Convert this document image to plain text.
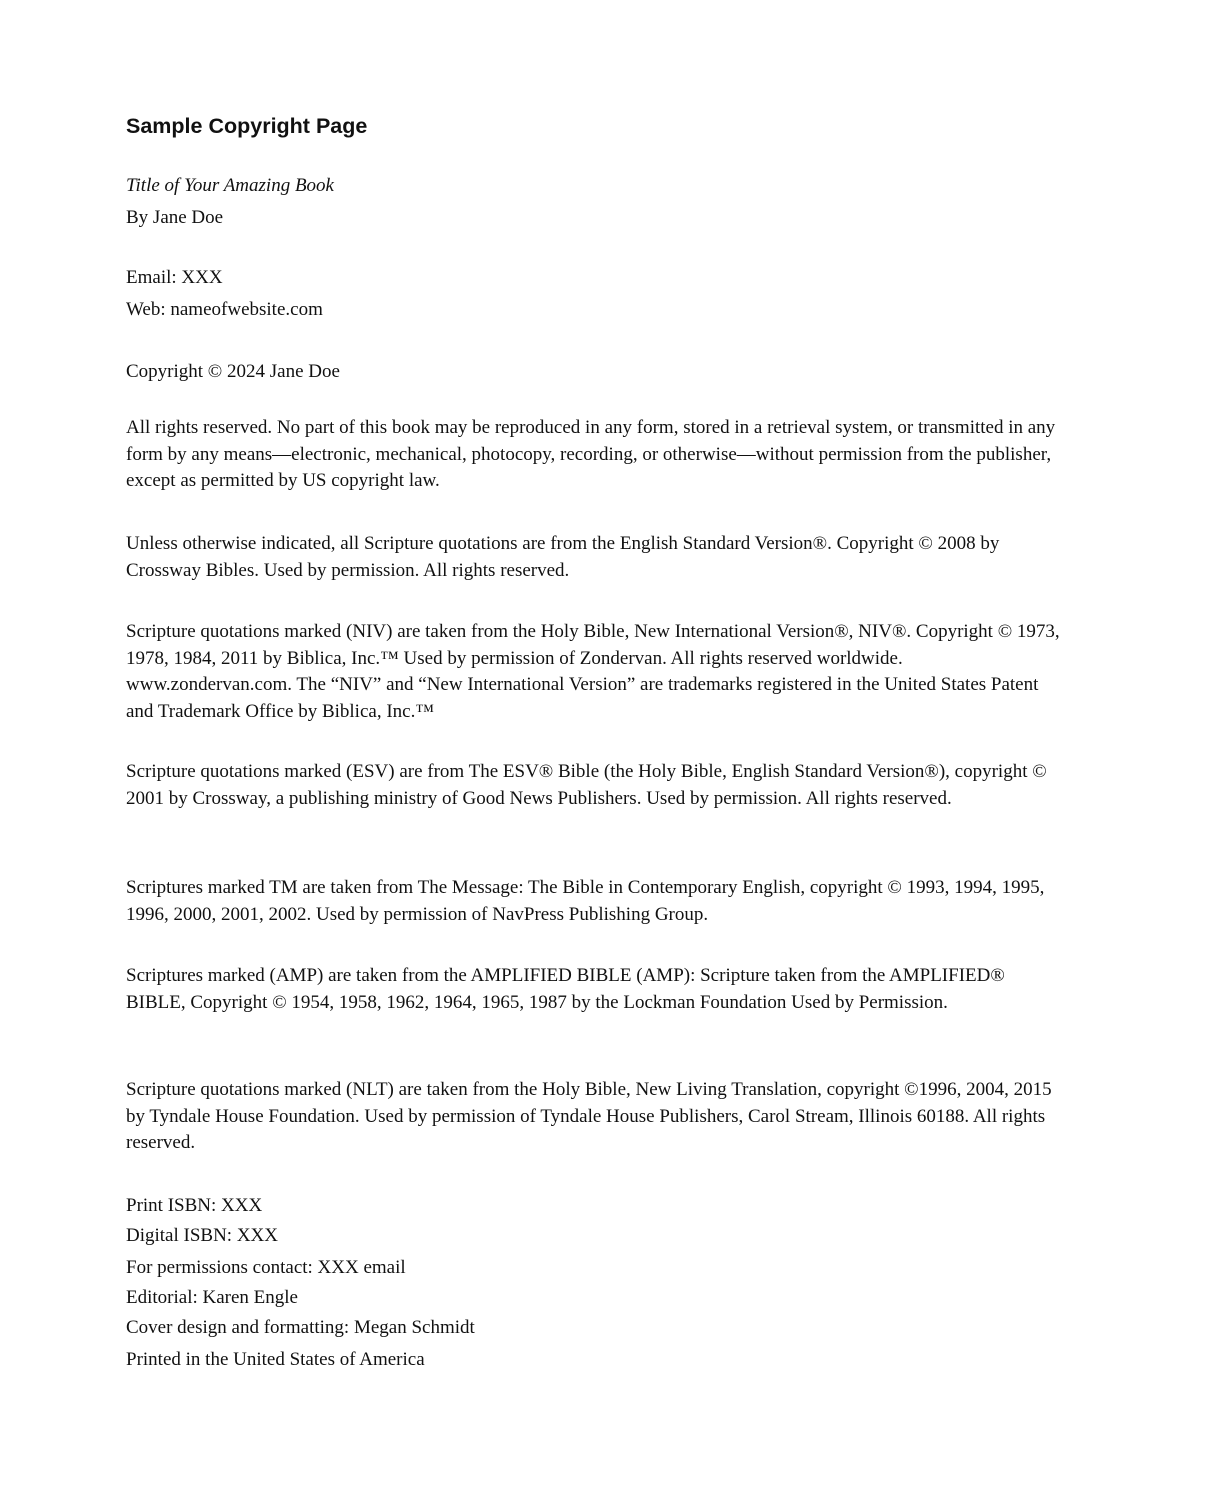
Sample Copyright Page
Title of Your Amazing Book
By Jane Doe
Email: XXX
Web: nameofwebsite.com
Copyright © 2024 Jane Doe

All rights reserved. No part of this book may be reproduced in any form, stored in a retrieval system, or transmitted in any form by any means—electronic, mechanical, photocopy, recording, or otherwise—without permission from the publisher, except as permitted by US copyright law.

Unless otherwise indicated, all Scripture quotations are from the English Standard Version®. Copyright © 2008 by Crossway Bibles. Used by permission. All rights reserved.

Scripture quotations marked (NIV) are taken from the Holy Bible, New International Version®, NIV®. Copyright © 1973, 1978, 1984, 2011 by Biblica, Inc.™ Used by permission of Zondervan. All rights reserved worldwide. www.zondervan.com. The “NIV” and “New International Version” are trademarks registered in the United States Patent and Trademark Office by Biblica, Inc.™

Scripture quotations marked (ESV) are from The ESV® Bible (the Holy Bible, English Standard Version®), copyright © 2001 by Crossway, a publishing ministry of Good News Publishers. Used by permission. All rights reserved.

Scriptures marked TM are taken from The Message: The Bible in Contemporary English, copyright © 1993, 1994, 1995, 1996, 2000, 2001, 2002. Used by permission of NavPress Publishing Group.

Scriptures marked (AMP) are taken from the AMPLIFIED BIBLE (AMP): Scripture taken from the AMPLIFIED® BIBLE, Copyright © 1954, 1958, 1962, 1964, 1965, 1987 by the Lockman Foundation Used by Permission.

Scripture quotations marked (NLT) are taken from the Holy Bible, New Living Translation, copyright ©1996, 2004, 2015 by Tyndale House Foundation. Used by permission of Tyndale House Publishers, Carol Stream, Illinois 60188. All rights reserved.

Print ISBN: XXX
Digital ISBN: XXX
For permissions contact: XXX email
Editorial: Karen Engle
Cover design and formatting: Megan Schmidt
Printed in the United States of America
